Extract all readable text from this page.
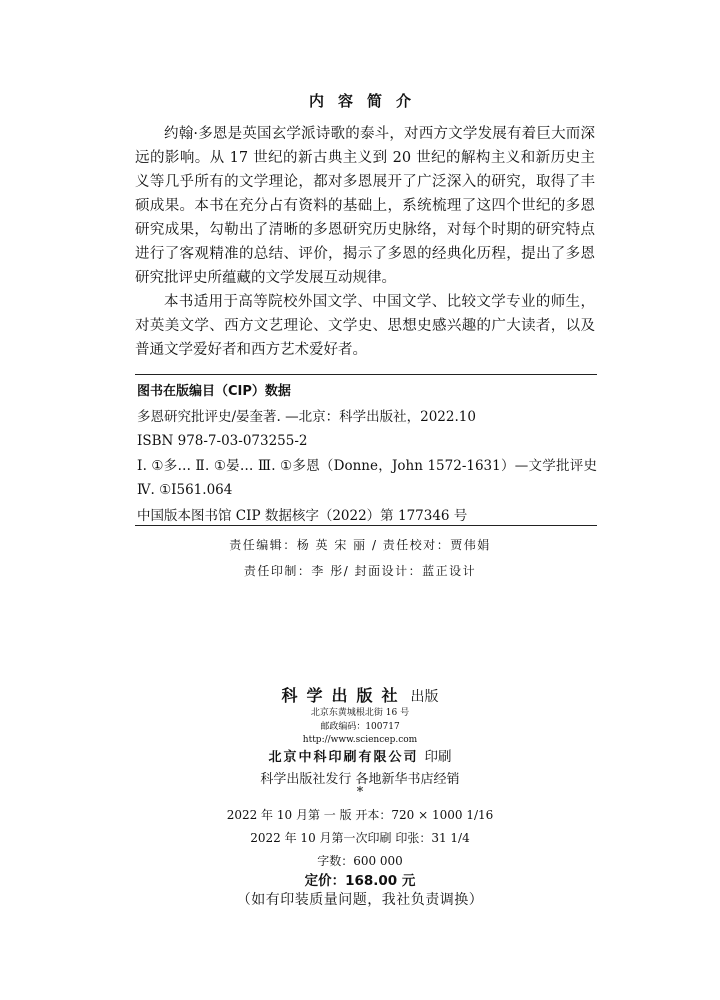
内容简介

约翰·多恩是英国玄学派诗歌的泰斗，对西方文学发展有着巨大而深远的影响。从 17 世纪的新古典主义到 20 世纪的解构主义和新历史主义等几乎所有的文学理论，都对多恩展开了广泛深入的研究，取得了丰硕成果。本书在充分占有资料的基础上，系统梳理了这四个世纪的多恩研究成果，勾勒出了清晰的多恩研究历史脉络，对每个时期的研究特点进行了客观精准的总结、评价，揭示了多恩的经典化历程，提出了多恩研究批评史所蕴藏的文学发展互动规律。

本书适用于高等院校外国文学、中国文学、比较文学专业的师生，对英美文学、西方文艺理论、文学史、思想史感兴趣的广大读者，以及普通文学爱好者和西方艺术爱好者。

图书在版编目（CIP）数据
多恩研究批评史/晏奎著. —北京：科学出版社，2022.10
ISBN 978-7-03-073255-2
Ⅰ. ①多… Ⅱ. ①晏… Ⅲ. ①多恩（Donne，John 1572-1631）—文学批评史 Ⅳ. ①I561.064
中国版本图书馆 CIP 数据核字（2022）第 177346 号
责任编辑：杨 英 宋 丽 / 责任校对：贾伟娟
责任印制：李 彤/ 封面设计：蓝正设计
科学出版社 出版
北京东黄城根北街 16 号
邮政编码：100717
http://www.sciencep.com
北京中科印刷有限公司 印刷
科学出版社发行 各地新华书店经销
*
2022 年 10 月第 一 版 开本：720 × 1000 1/16
2022 年 10 月第一次印刷 印张：31 1/4
字数：600 000
定价：168.00 元
（如有印装质量问题，我社负责调换）
